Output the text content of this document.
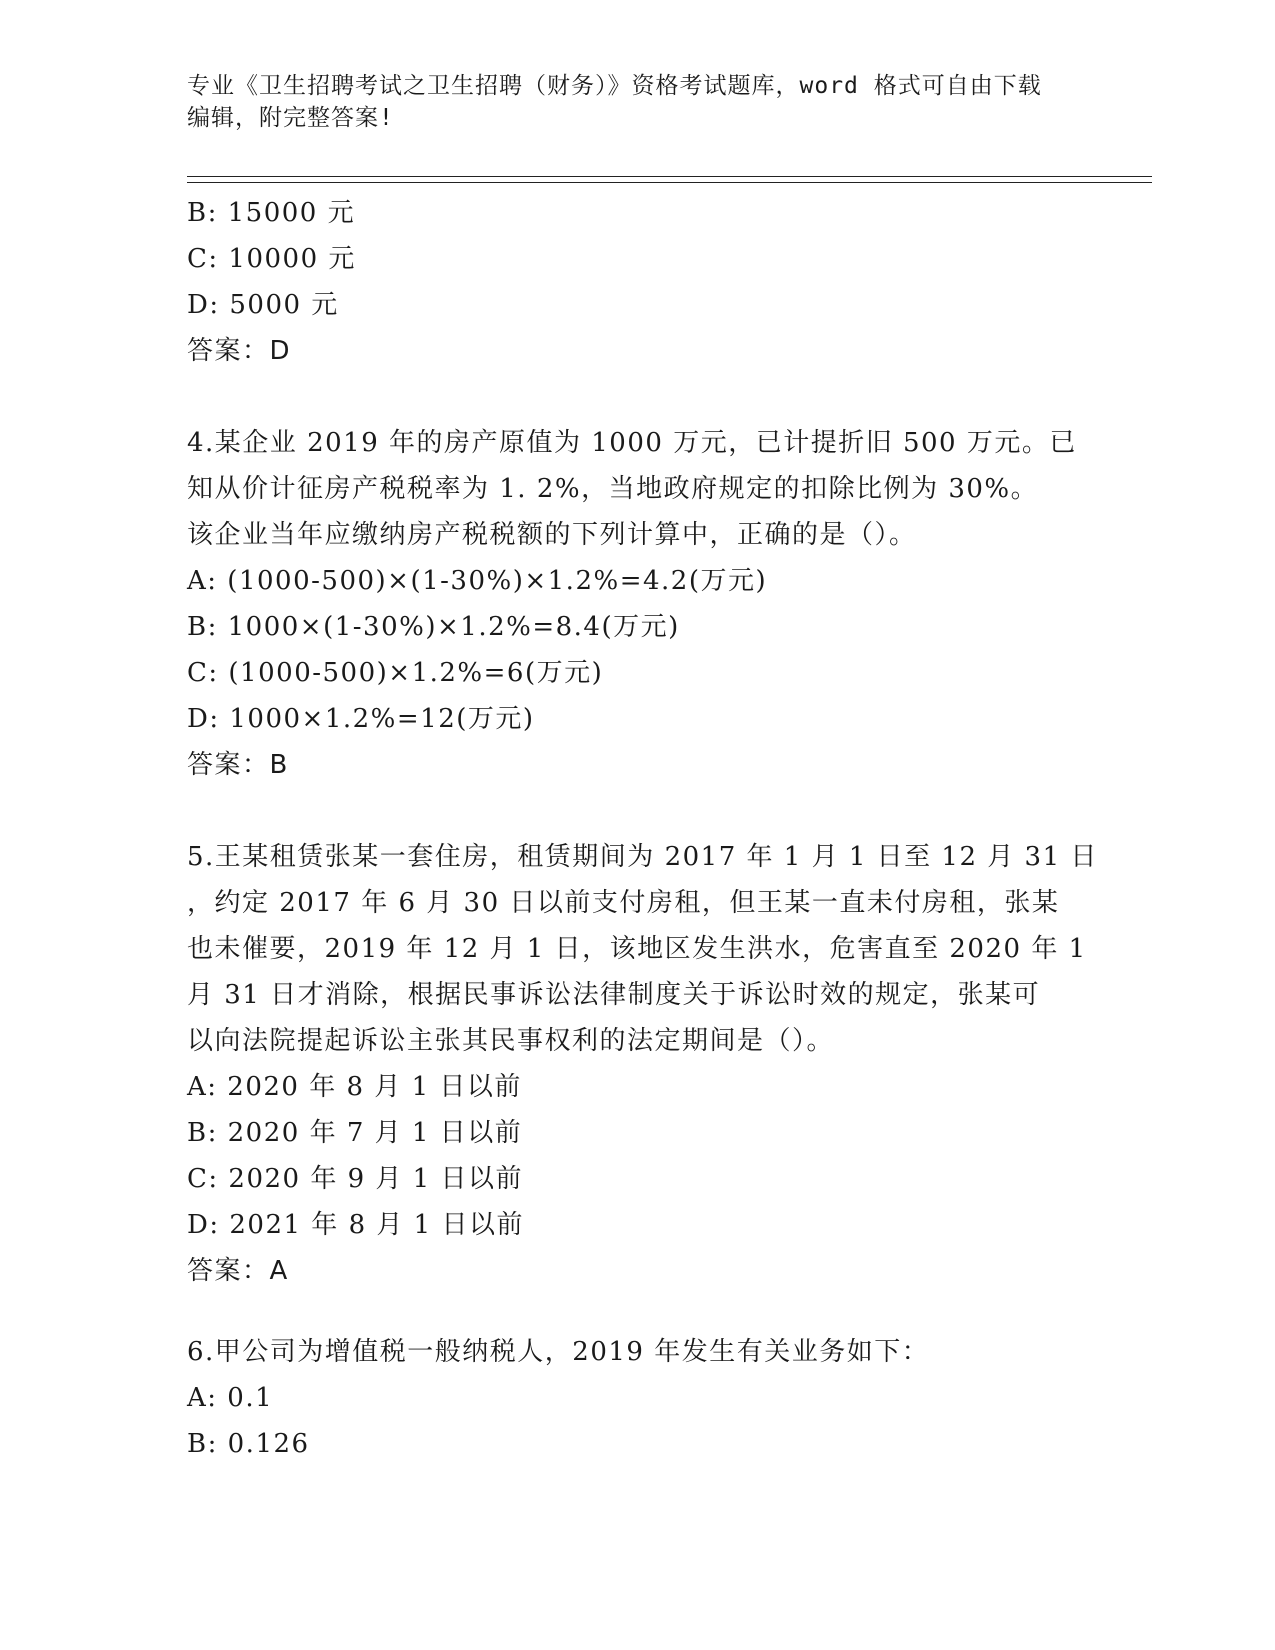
专业《卫生招聘考试之卫生招聘（财务）》资格考试题库，word 格式可自由下载
编辑，附完整答案!
B: 15000 元
C: 10000 元
D: 5000 元
答案：D
4.某企业 2019 年的房产原值为 1000 万元，已计提折旧 500 万元。已
知从价计征房产税税率为 1. 2%，当地政府规定的扣除比例为 30%。
该企业当年应缴纳房产税税额的下列计算中，正确的是（）。
A: (1000-500)×(1-30%)×1.2%=4.2(万元)
B: 1000×(1-30%)×1.2%=8.4(万元)
C: (1000-500)×1.2%=6(万元)
D: 1000×1.2%=12(万元)
答案：B
5.王某租赁张某一套住房，租赁期间为 2017 年 1 月 1 日至 12 月 31 日
，约定 2017 年 6 月 30 日以前支付房租，但王某一直未付房租，张某
也未催要，2019 年 12 月 1 日，该地区发生洪水，危害直至 2020 年 1
月 31 日才消除，根据民事诉讼法律制度关于诉讼时效的规定，张某可
以向法院提起诉讼主张其民事权利的法定期间是（）。
A: 2020 年 8 月 1 日以前
B: 2020 年 7 月 1 日以前
C: 2020 年 9 月 1 日以前
D: 2021 年 8 月 1 日以前
答案：A
6.甲公司为增值税一般纳税人，2019 年发生有关业务如下：
A: 0.1
B: 0.126
